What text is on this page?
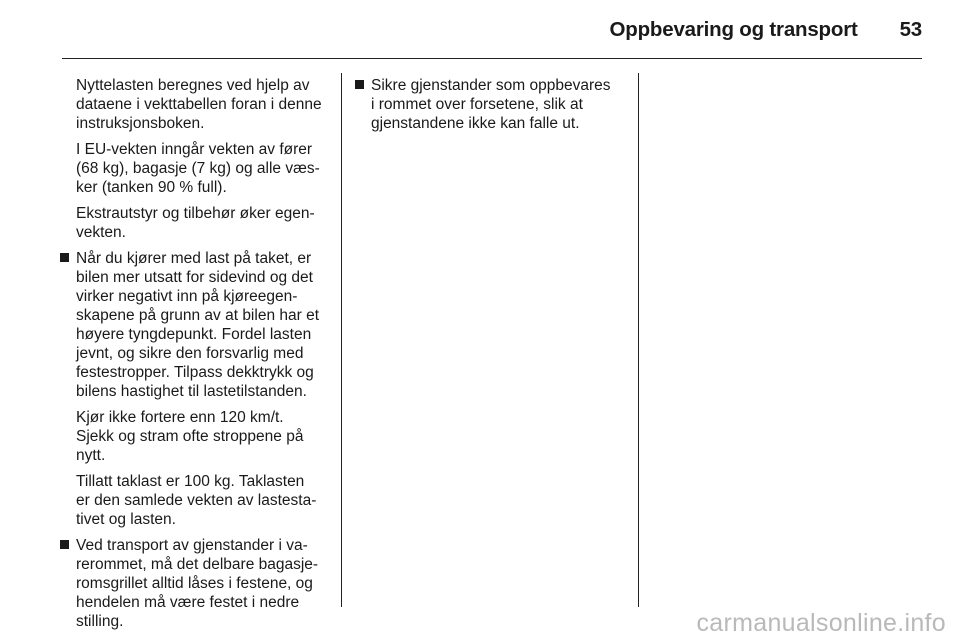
Oppbevaring og transport 53
Nyttelasten beregnes ved hjelp av
dataene i vekttabellen foran i denne
instruksjonsboken.
I EU-vekten inngår vekten av fører
(68 kg), bagasje (7 kg) og alle væs-
ker (tanken 90 % full).
Ekstrautstyr og tilbehør øker egen-
vekten.
Når du kjører med last på taket, er
bilen mer utsatt for sidevind og det
virker negativt inn på kjøreegen-
skapene på grunn av at bilen har et
høyere tyngdepunkt. Fordel lasten
jevnt, og sikre den forsvarlig med
festestropper. Tilpass dekktrykk og
bilens hastighet til lastetilstanden.
Kjør ikke fortere enn 120 km/t.
Sjekk og stram ofte stroppene på
nytt.
Tillatt taklast er 100 kg. Taklasten
er den samlede vekten av lastesta-
tivet og lasten.
Ved transport av gjenstander i va-
rerommet, må det delbare bagasje-
romsgrillet alltid låses i festene, og
hendelen må være festet i nedre
stilling.
Sikre gjenstander som oppbevares
i rommet over forsetene, slik at
gjenstandene ikke kan falle ut.
carmanualsonline.info
